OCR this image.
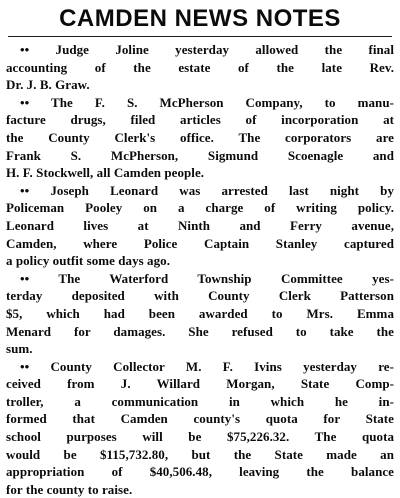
CAMDEN NEWS NOTES
•• Judge Joline yesterday allowed the final
accounting of the estate of the late Rev.
Dr. J. B. Graw.
•• The F. S. McPherson Company, to manu-
facture drugs, filed articles of incorporation at
the County Clerk's office. The corporators are
Frank S. McPherson, Sigmund Scoenagle and
H. F. Stockwell, all Camden people.
•• Joseph Leonard was arrested last night by
Policeman Pooley on a charge of writing policy.
Leonard lives at Ninth and Ferry avenue,
Camden, where Police Captain Stanley captured
a policy outfit some days ago.
•• The Waterford Township Committee yes-
terday deposited with County Clerk Patterson
$5, which had been awarded to Mrs. Emma
Menard for damages. She refused to take the
sum.
•• County Collector M. F. Ivins yesterday re-
ceived from J. Willard Morgan, State Comp-
troller, a communication in which he in-
formed that Camden county's quota for State
school purposes will be $75,226.32. The quota
would be $115,732.80, but the State made an
appropriation of $40,506.48, leaving the balance
for the county to raise.
